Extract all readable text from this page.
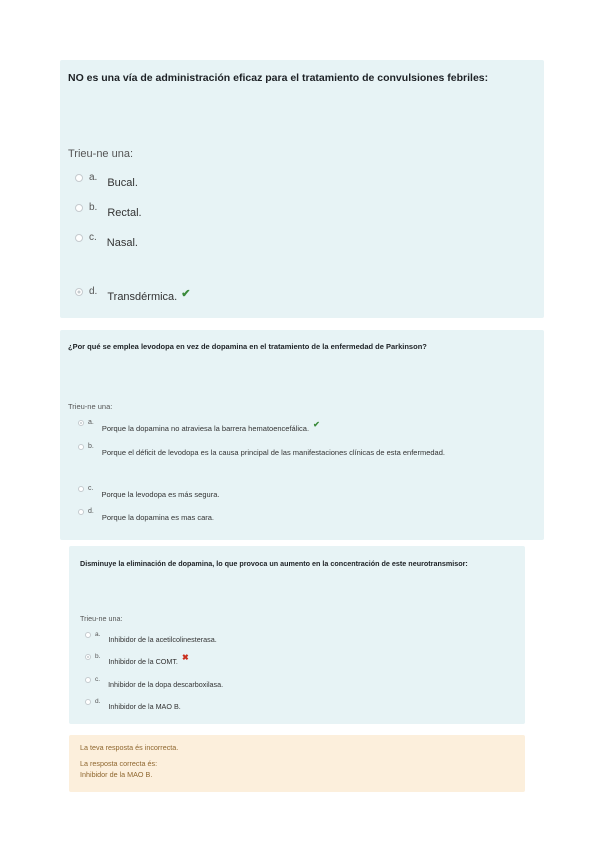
NO es una vía de administración eficaz para el tratamiento de convulsiones febriles:
Trieu-ne una:
a. Bucal.
b. Rectal.
c. Nasal.
d. Transdérmica. ✔
¿Por qué se emplea levodopa en vez de dopamina en el tratamiento de la enfermedad de Parkinson?
Trieu-ne una:
a.
Porque la dopamina no atraviesa la barrera hematoencefálica. ✔
b.
Porque el déficit de levodopa es la causa principal de las manifestaciones clínicas de esta enfermedad.
c.
Porque la levodopa es más segura.
d.
Porque la dopamina es mas cara.
Disminuye la eliminación de dopamina, lo que provoca un aumento en la concentración de este neurotransmisor:
Trieu-ne una:
a.
Inhibidor de la acetilcolinesterasa.
b.
Inhibidor de la COMT. ✖
c.
Inhibidor de la dopa descarboxilasa.
d.
Inhibidor de la MAO B.
La teva resposta és incorrecta.
La resposta correcta és:
Inhibidor de la MAO B.
